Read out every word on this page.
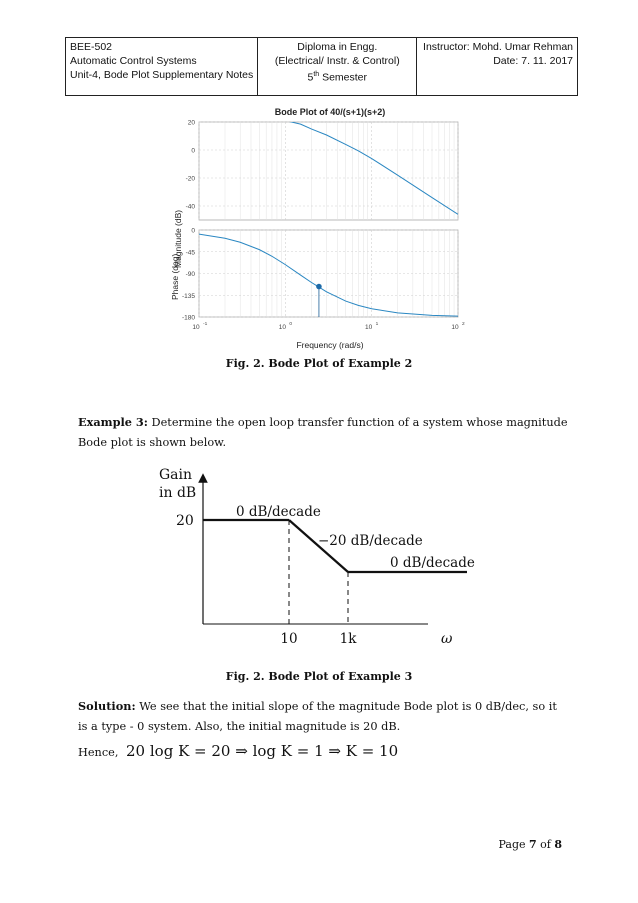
BEE-502
Automatic Control Systems
Unit-4, Bode Plot Supplementary Notes

Diploma in Engg.
(Electrical/ Instr. & Control)
5th Semester

Instructor: Mohd. Umar Rehman
Date: 7. 11. 2017
Bode Plot of 40/(s+1)(s+2)
20
0
-20
-40
0
-45
-90
-135
-180
10 -1	10 0	10 1	10 2
Magnitude (dB)
Phase (deg)
Frequency (rad/s)
Fig. 2. Bode Plot of Example 2
Example 3: Determine the open loop transfer function of a system whose magnitude Bode plot is shown below.
Gain
in dB
20
0 dB/decade
−20 dB/decade
0 dB/decade
10	1k	ω
Fig. 2. Bode Plot of Example 3
Solution: We see that the initial slope of the magnitude Bode plot is 0 dB/dec, so it is a type - 0 system. Also, the initial magnitude is 20 dB.
Hence, 20 log K = 20 ⇒ log K = 1 ⇒ K = 10
Page 7 of 8
